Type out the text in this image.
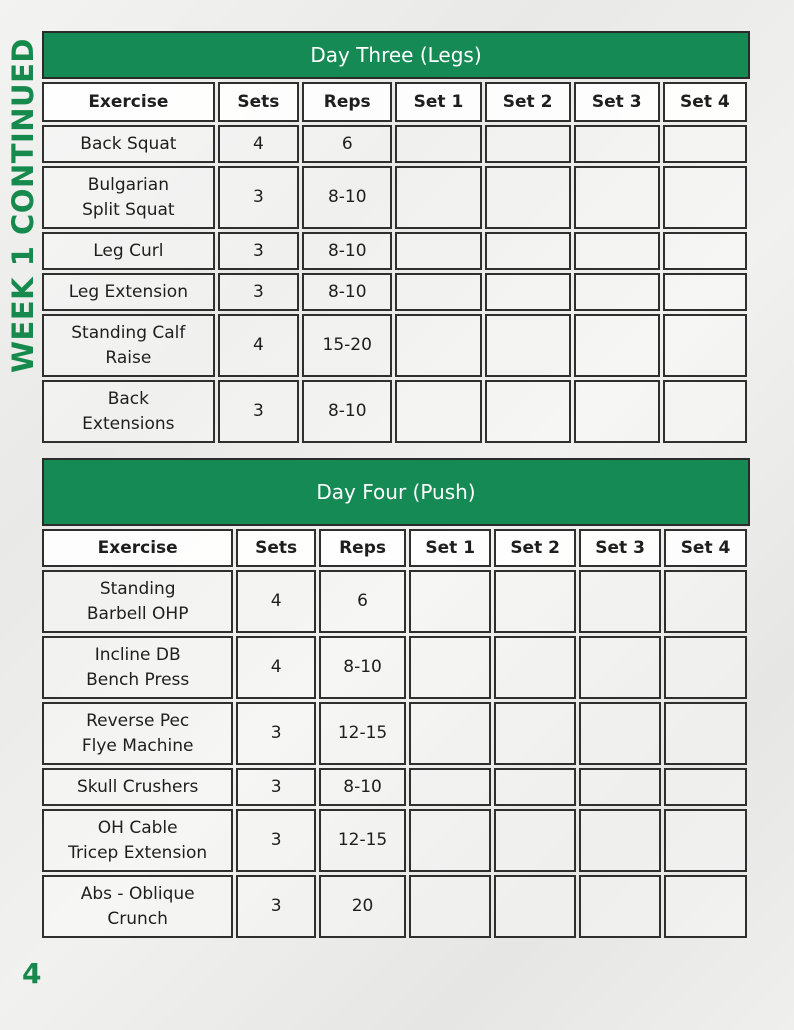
WEEK 1 CONTINUED	Day Three (Legs)
Exercise	Sets	Reps	Set 1	Set 2	Set 3	Set 4
Back Squat	4	6				
Bulgarian
Split Squat	3	8-10				
Leg Curl	3	8-10				
Leg Extension	3	8-10				
Standing Calf
Raise	4	15-20				
Back
Extensions	3	8-10				
Day Four (Push)
Exercise	Sets	Reps	Set 1	Set 2	Set 3	Set 4
Standing
Barbell OHP	4	6				
Incline DB
Bench Press	4	8-10				
Reverse Pec
Flye Machine	3	12-15				
Skull Crushers	3	8-10				
OH Cable
Tricep Extension	3	12-15				
Abs - Oblique
Crunch	3	20				
4
